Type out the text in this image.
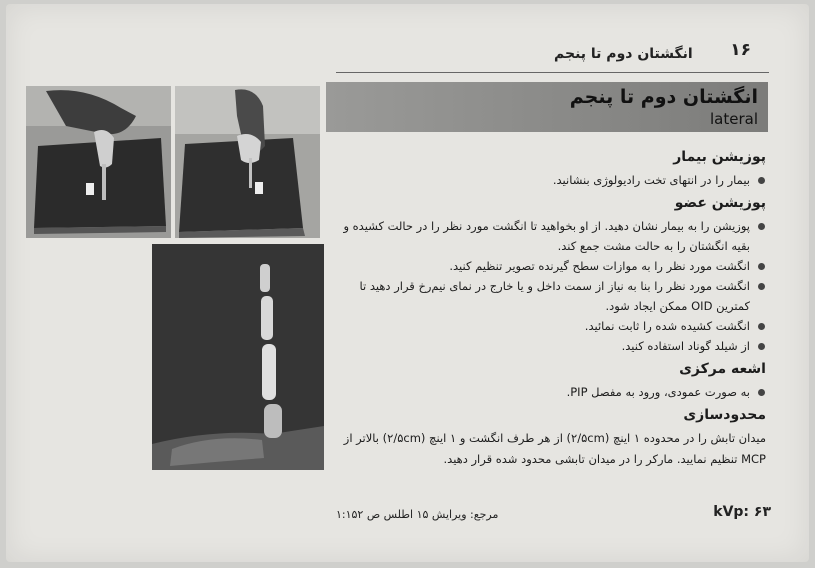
۱۶
انگشتان دوم تا پنجم
انگشتان دوم تا پنجم
lateral
پوزیشن بیمار
بیمار را در انتهای تخت رادیولوژی بنشانید.
پوزیشن عضو
پوزیشن را به بیمار نشان دهید. از او بخواهید تا انگشت مورد نظر را در حالت کشیده و بقیه انگشتان را به حالت مشت جمع کند.
انگشت مورد نظر را به موازات سطح گیرنده تصویر تنظیم کنید.
انگشت مورد نظر را بنا به نیاز از سمت داخل و یا خارج در نمای نیم‌رخ قرار دهید تا کمترین OID ممکن ایجاد شود.
انگشت کشیده شده را ثابت نمائید.
از شیلد گوناد استفاده کنید.
اشعه مرکزی
به صورت عمودی، ورود به مفصل PIP.
محدودسازی

میدان تابش را در محدوده ۱ اینچ (۲/۵cm) از هر طرف انگشت و ۱ اینچ (۲/۵cm) بالاتر از MCP تنظیم نمایید. مارکر را در میدان تابشی محدود شده قرار دهید.

مرجع: ویرایش ۱۵ اطلس ص ۱:۱۵۲	kVp: ۶۳
